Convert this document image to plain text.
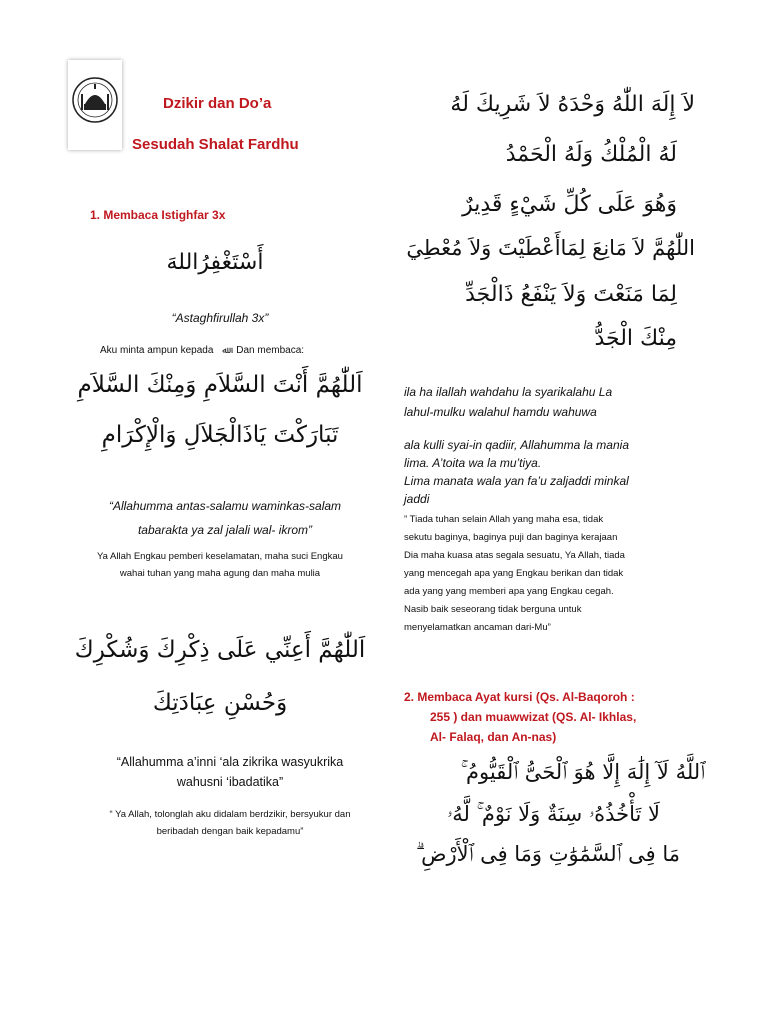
Dzikir dan Do’a
Sesudah Shalat Fardhu
1. Membaca Istighfar 3x
أَسْتَغْفِرُاللهَ
“Astaghfirullah 3x”
Aku minta ampun kepada ﷲ Dan membaca:
اَللّٰهُمَّ أَنْتَ السَّلاَمِ وَمِنْكَ السَّلاَمِ
تَبَارَكْتَ يَاذَالْجَلاَلِ وَالْإِكْرَامِ
“Allahumma antas-salamu waminkas-salam
tabarakta ya zal jalali wal- ikrom”
Ya Allah Engkau pemberi keselamatan, maha suci Engkau
wahai tuhan yang maha agung dan maha mulia
اَللّٰهُمَّ أَعِنِّي عَلَى ذِكْرِكَ وَشُكْرِكَ
وَحُسْنِ عِبَادَتِكَ
“Allahumma a’inni ‘ala zikrika wasyukrika
wahusni ‘ibadatika”
“ Ya Allah, tolonglah aku didalam berdzikir, bersyukur dan
beribadah dengan baik kepadamu”
لاَ إِلَهَ اللّٰهُ وَحْدَهُ لاَ شَرِيكَ لَهُ
لَهُ الْمُلْكُ وَلَهُ الْحَمْدُ
وَهُوَ عَلَى كُلِّ شَيْءٍ قَدِيرٌ
اللّٰهُمَّ لاَ مَانِعَ لِمَاأَعْطَيْتَ وَلاَ مُعْطِيَ
لِمَا مَنَعْتَ وَلاَ يَنْفَعُ ذَالْجَدِّ
مِنْكَ الْجَدُّ
ila ha ilallah wahdahu la syarikalahu La
lahul-mulku walahul hamdu wahuwa
ala kulli syai-in qadiir, Allahumma la mania
lima. A’toita wa la mu’tiya.
Lima manata wala yan fa’u zaljaddi minkal
jaddi
” Tiada tuhan selain Allah yang maha esa, tidak
sekutu baginya, baginya puji dan baginya kerajaan
Dia maha kuasa atas segala sesuatu, Ya Allah, tiada
yang mencegah apa yang Engkau berikan dan tidak
ada yang yang memberi apa yang Engkau cegah.
Nasib baik seseorang tidak berguna untuk
menyelamatkan ancaman dari-Mu”
2. Membaca Ayat kursi (Qs. Al-Baqoroh :
255 ) dan muawwizat (QS. Al- Ikhlas,
Al- Falaq, dan An-nas)
ٱللَّهُ لَآ إِلَٰهَ إِلَّا هُوَ ٱلْحَىُّ ٱلْقَيُّومُ ۚ
لَا تَأْخُذُهُۥ سِنَةٌ وَلَا نَوْمٌ ۚ لَّهُۥ
مَا فِى ٱلسَّمَٰوَٰتِ وَمَا فِى ٱلْأَرْضِ ۗ
